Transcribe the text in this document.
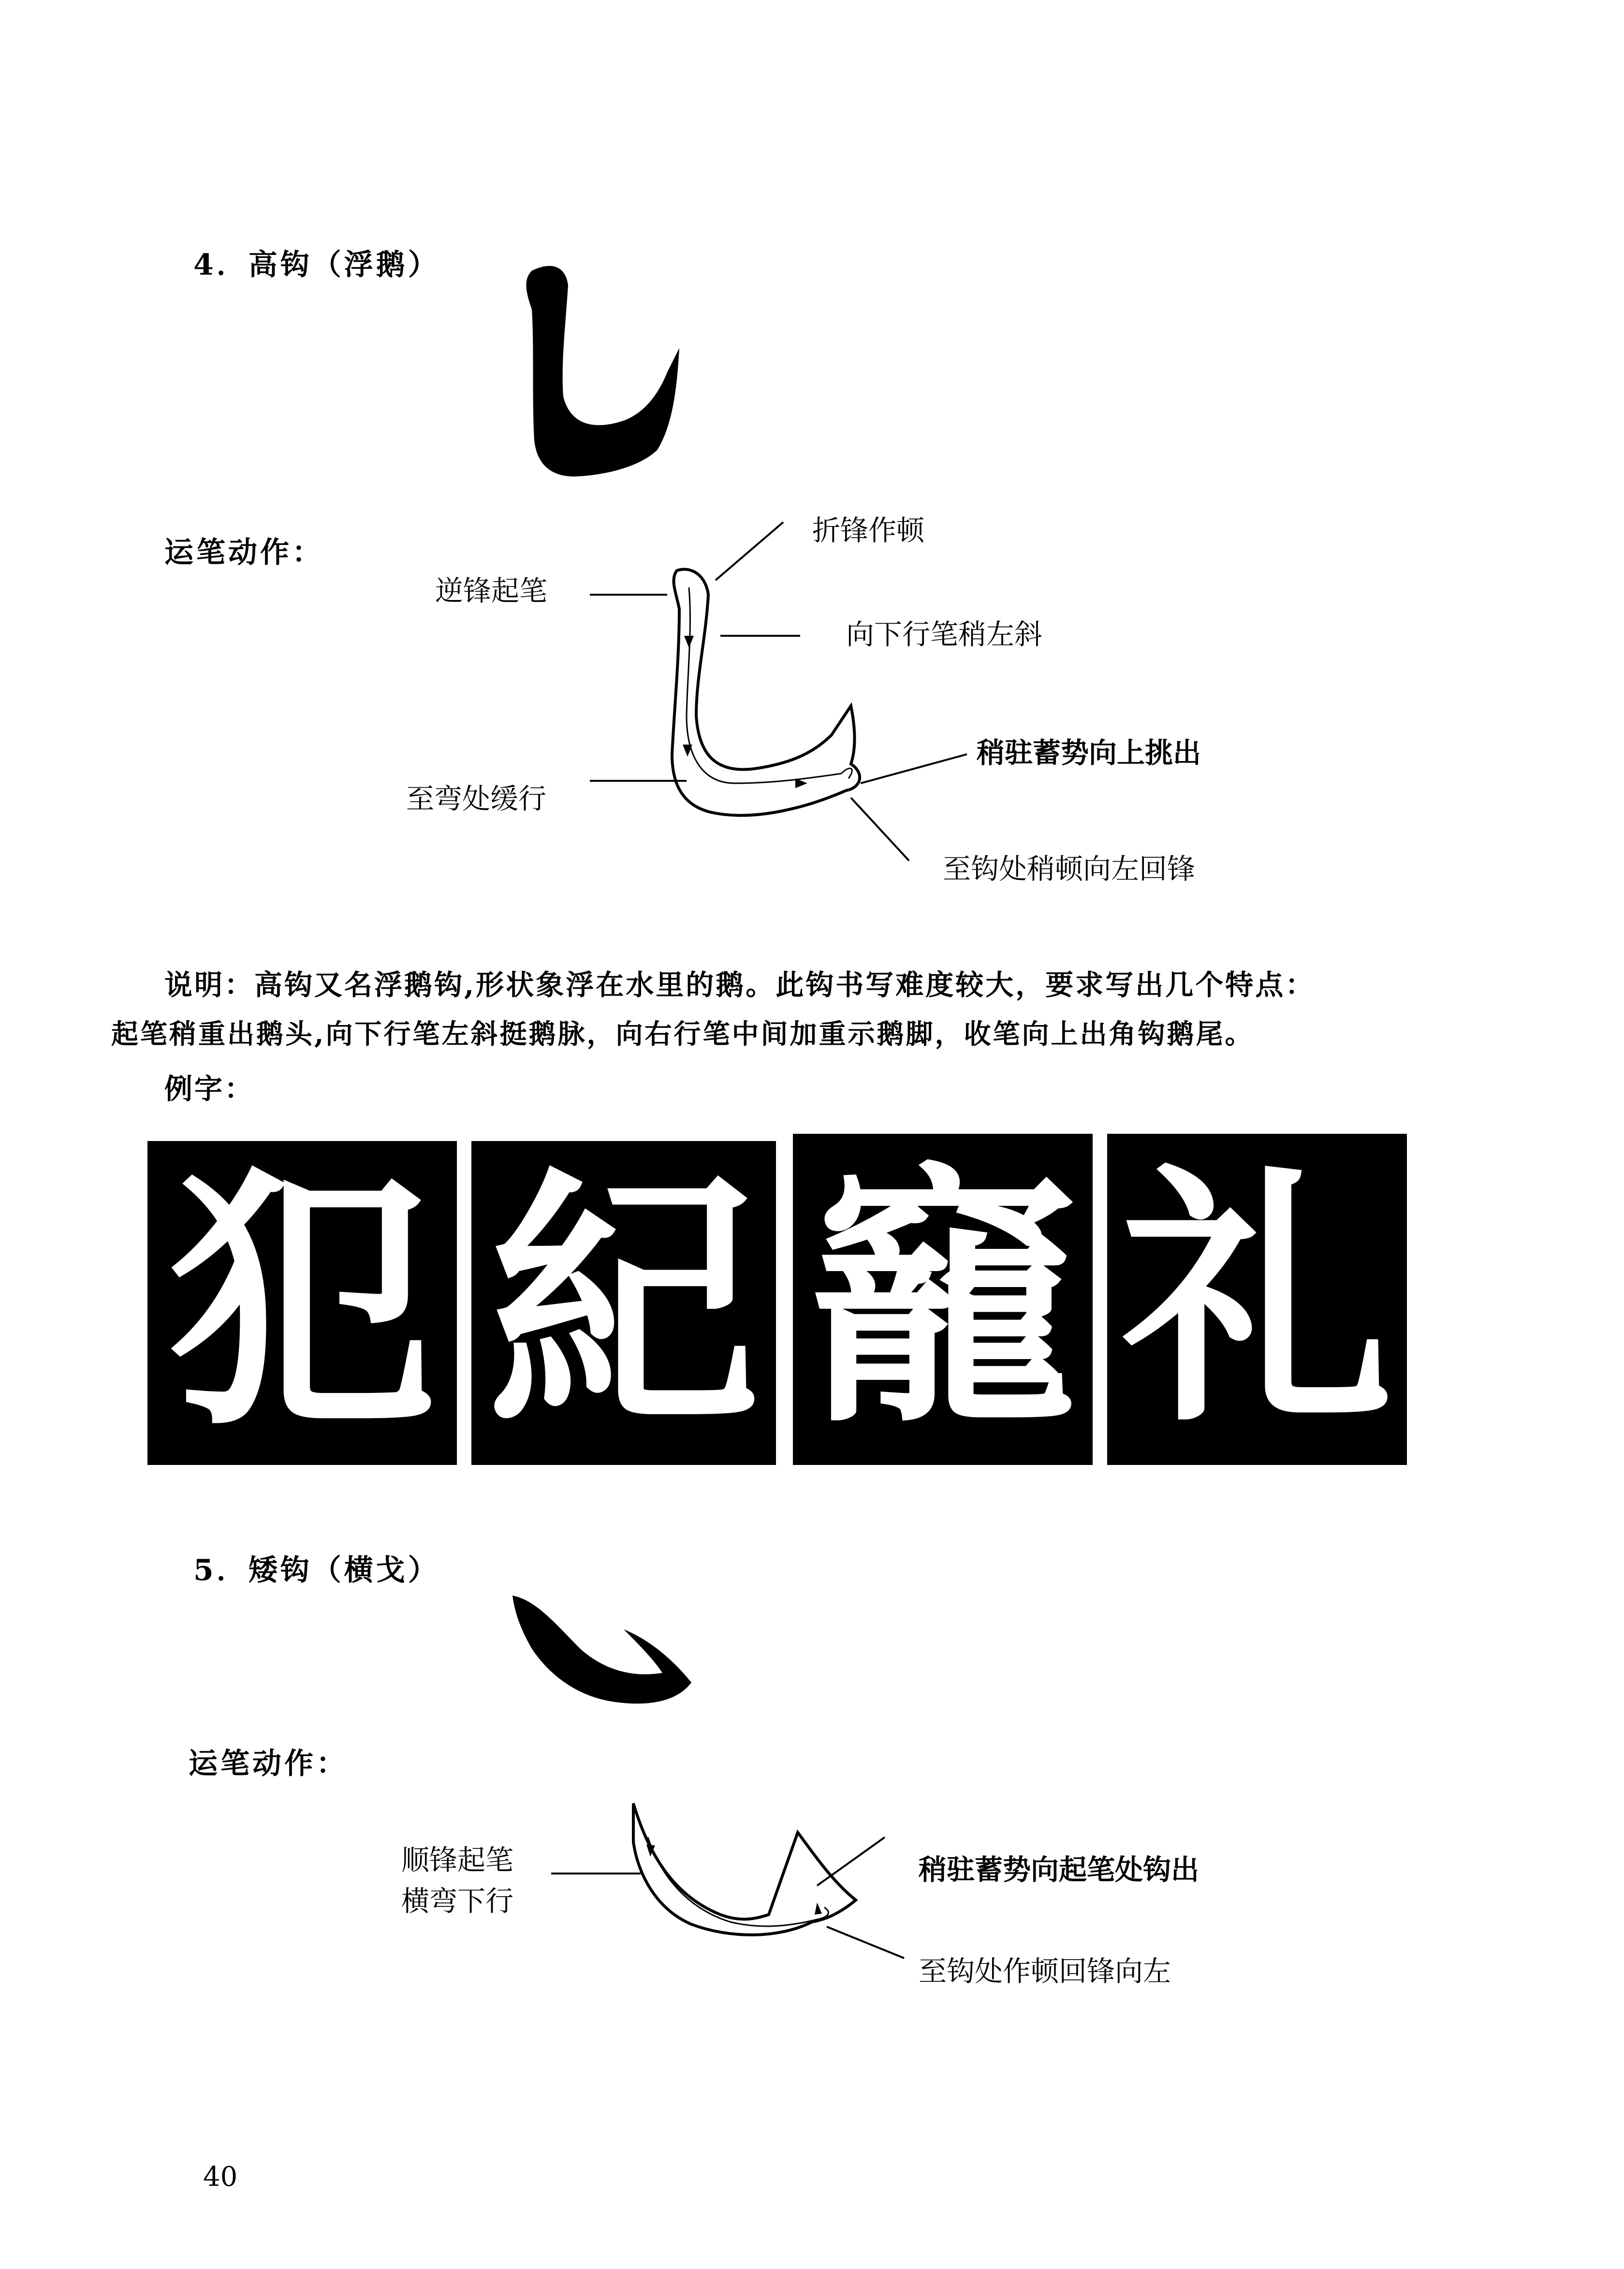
4．高钩（浮鹅）
运笔动作：
折锋作顿
逆锋起笔
向下行笔稍左斜
稍驻蓄势向上挑出
至弯处缓行
至钩处稍顿向左回锋
说明：高钩又名浮鹅钩,形状象浮在水里的鹅。此钩书写难度较大，要求写出几个特点：
起笔稍重出鹅头,向下行笔左斜挺鹅脉，向右行笔中间加重示鹅脚，收笔向上出角钩鹅尾。
例字：
犯 紀 竉 礼
5．矮钩（横戈）
运笔动作：
顺锋起笔
横弯下行
稍驻蓄势向起笔处钩出
至钩处作顿回锋向左
40
